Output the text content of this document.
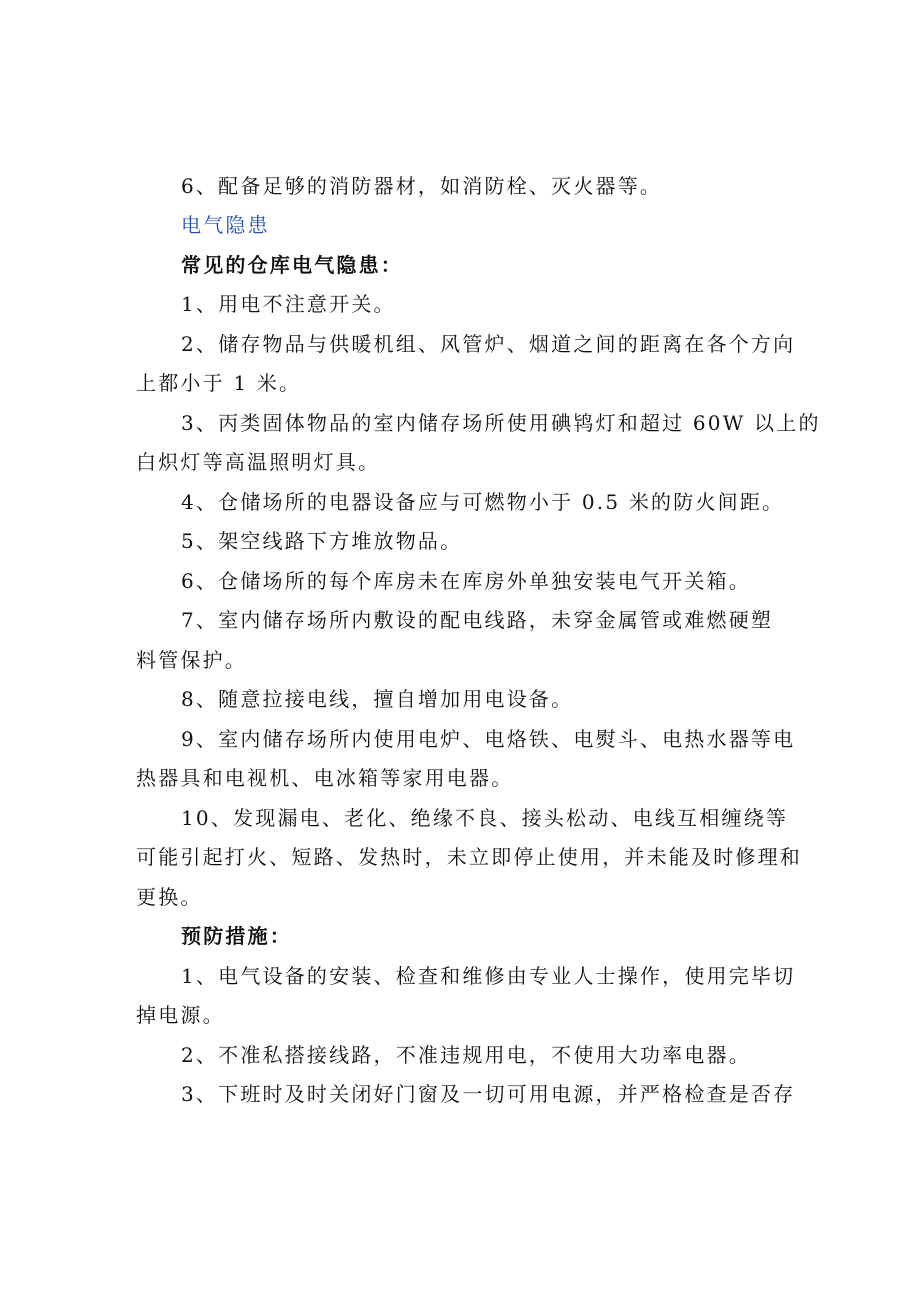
6、配备足够的消防器材，如消防栓、灭火器等。
电气隐患
常见的仓库电气隐患：
1、用电不注意开关。
2、储存物品与供暖机组、风管炉、烟道之间的距离在各个方向
上都小于 1 米。
3、丙类固体物品的室内储存场所使用碘鸨灯和超过 60W 以上的
白炽灯等高温照明灯具。
4、仓储场所的电器设备应与可燃物小于 0.5 米的防火间距。
5、架空线路下方堆放物品。
6、仓储场所的每个库房未在库房外单独安装电气开关箱。
7、室内储存场所内敷设的配电线路，未穿金属管或难燃硬塑
料管保护。
8、随意拉接电线，擅自增加用电设备。
9、室内储存场所内使用电炉、电烙铁、电熨斗、电热水器等电
热器具和电视机、电冰箱等家用电器。
10、发现漏电、老化、绝缘不良、接头松动、电线互相缠绕等
可能引起打火、短路、发热时，未立即停止使用，并未能及时修理和
更换。
预防措施：
1、电气设备的安装、检查和维修由专业人士操作，使用完毕切
掉电源。
2、不准私搭接线路，不准违规用电，不使用大功率电器。
3、下班时及时关闭好门窗及一切可用电源，并严格检查是否存
